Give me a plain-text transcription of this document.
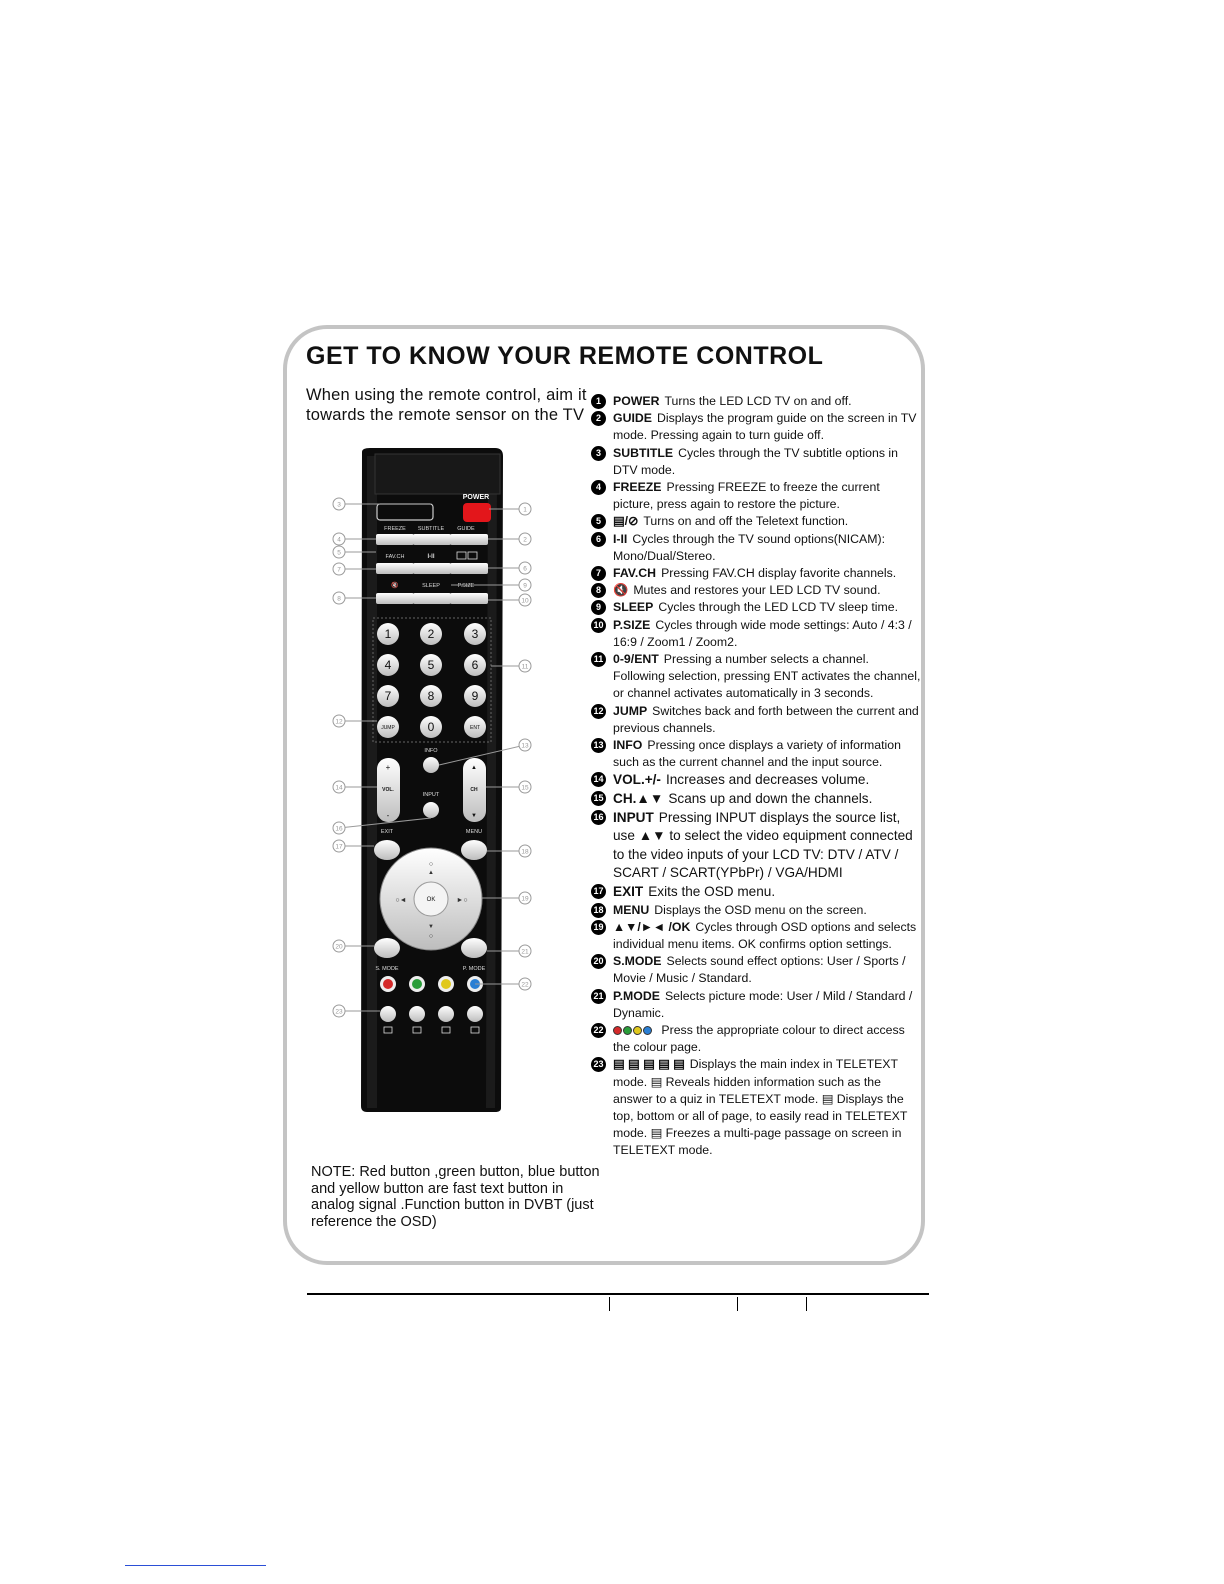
GET TO KNOW YOUR REMOTE CONTROL
When using the remote control, aim it towards the remote sensor on the TV
POWER
FREEZE SUBTITLE GUIDE
FAV.CH	I-II
🔇	SLEEP	P.SIZE
1	2	3
4	5	6
7	8	9
JUMP	0	ENT
INFO
+
VOL.
-
▲
CH
▼
INPUT
EXIT	MENU
OK
○
▲
▼
○
○◄	►○
S. MODE	P. MODE
1
2
3
4
5
6
7
8
9
10
11
12
13
14	15
16
17
18
19
20
21
22
23
NOTE: Red button ,green button, blue button and yellow button are fast text button in analog signal .Function button in DVBT (just reference the OSD)
1 POWER Turns the LED LCD TV on and off.
2 GUIDE Displays the program guide on the screen in TV mode. Pressing again to turn guide off.
3 SUBTITLE Cycles through the TV subtitle options in DTV mode.
4 FREEZE Pressing FREEZE to freeze the current picture, press again to restore the picture.
5 ▤/⊘ Turns on and off the Teletext function.
6 I-II Cycles through the TV sound options(NICAM): Mono/Dual/Stereo.
7 FAV.CH Pressing FAV.CH display favorite channels.
8 🔇 Mutes and restores your LED LCD TV sound.
9 SLEEP Cycles through the LED LCD TV sleep time.
10 P.SIZE Cycles through wide mode settings: Auto / 4:3 / 16:9 / Zoom1 / Zoom2.
11 0-9/ENT Pressing a number selects a channel. Following selection, pressing ENT activates the channel, or channel activates automatically in 3 seconds.
12 JUMP Switches back and forth between the current and previous channels.
13 INFO Pressing once displays a variety of information such as the current channel and the input source.
14 VOL.+/- Increases and decreases volume.
15 CH.▲▼ Scans up and down the channels.
16 INPUT Pressing INPUT displays the source list, use ▲▼ to select the video equipment connected to the video inputs of your LCD TV: DTV / ATV / SCART / SCART(YPbPr) / VGA/HDMI
17 EXIT Exits the OSD menu.
18 MENU Displays the OSD menu on the screen.
19 ▲▼/►◄ /OK Cycles through OSD options and selects individual menu items. OK confirms option settings.
20 S.MODE Selects sound effect options: User / Sports / Movie / Music / Standard.
21 P.MODE Selects picture mode: User / Mild / Standard / Dynamic.
22	Press the appropriate colour to direct access the colour page.
23 ▤ ▤ ▤ ▤ ▤ Displays the main index in TELETEXT mode. ▤ Reveals hidden information such as the answer to a quiz in TELETEXT mode. ▤ Displays the top, bottom or all of page, to easily read in TELETEXT mode. ▤ Freezes a multi-page passage on screen in TELETEXT mode.
